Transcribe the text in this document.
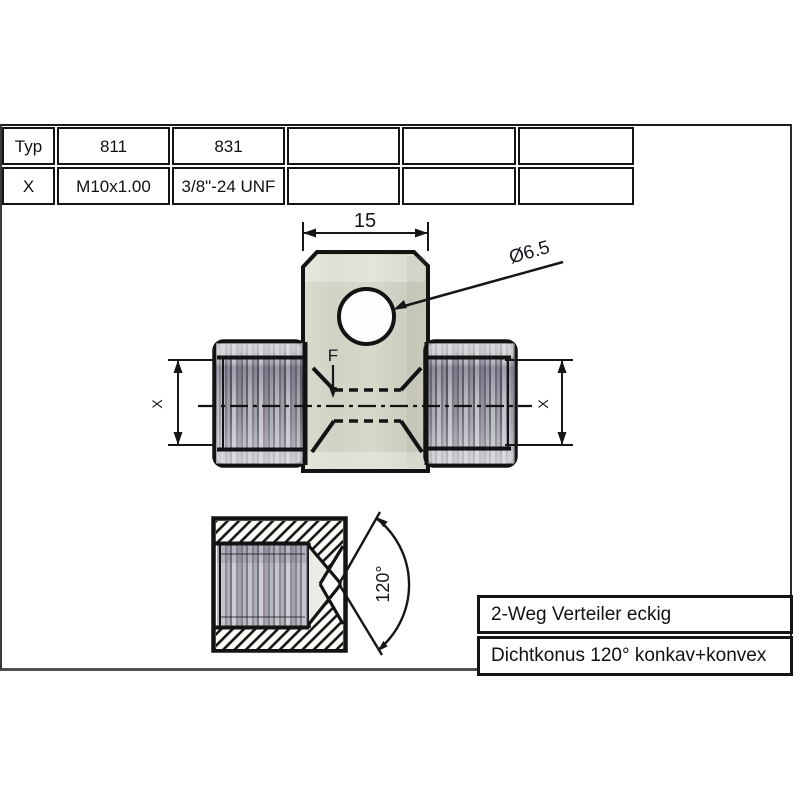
Typ	811	831
X	M10x1.00	3/8"-24 UNF
2-Weg Verteiler eckig
Dichtkonus 120° konkav+konvex
15
Ø6.5
F
X	X
120°
